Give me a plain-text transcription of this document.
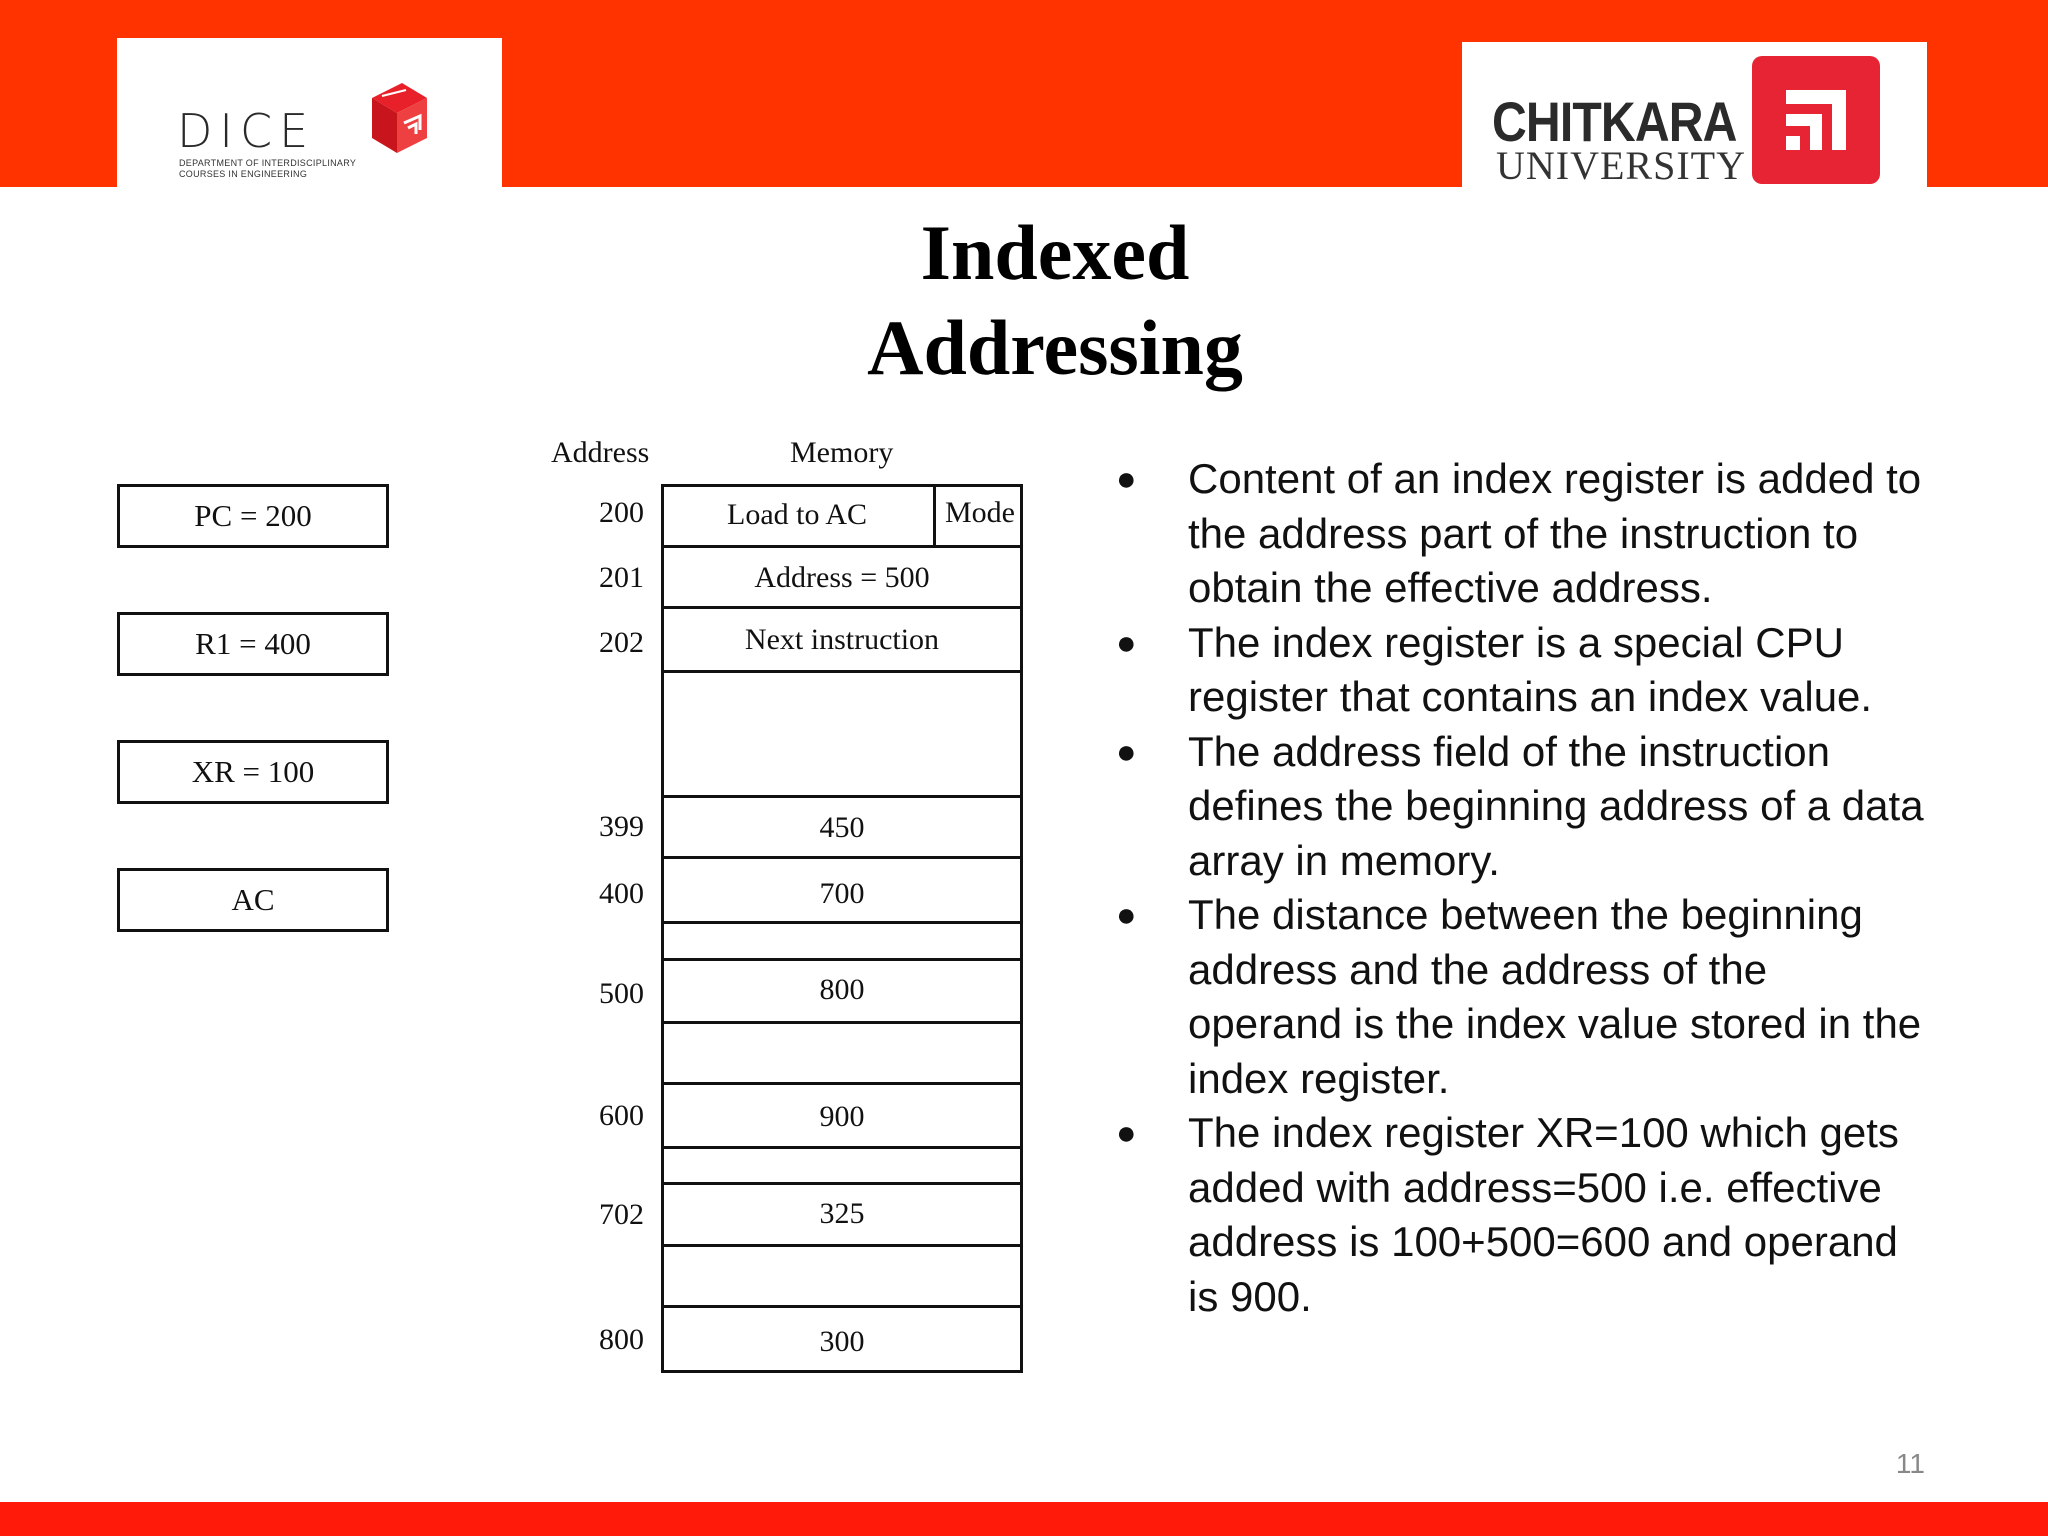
DICE
DEPARTMENT OF INTERDISCIPLINARY
COURSES IN ENGINEERING
CHITKARA
UNIVERSITY
Indexed
Addressing
PC = 200
R1 = 400
XR = 100
AC
Address	Memory
Mode
200
201
202
399
400
500
600
702
800
Load to AC
Address = 500
Next instruction
450
700
800
900
325
300
● Content of an index register is added to the address part of the instruction to obtain the effective address.
● The index register is a special CPU register that contains an index value.
● The address field of the instruction defines the beginning address of a data array in memory.
● The distance between the beginning address and the address of the operand is the index value stored in the index register.
● The index register XR=100 which gets added with address=500 i.e. effective address is 100+500=600 and operand is 900.
11
